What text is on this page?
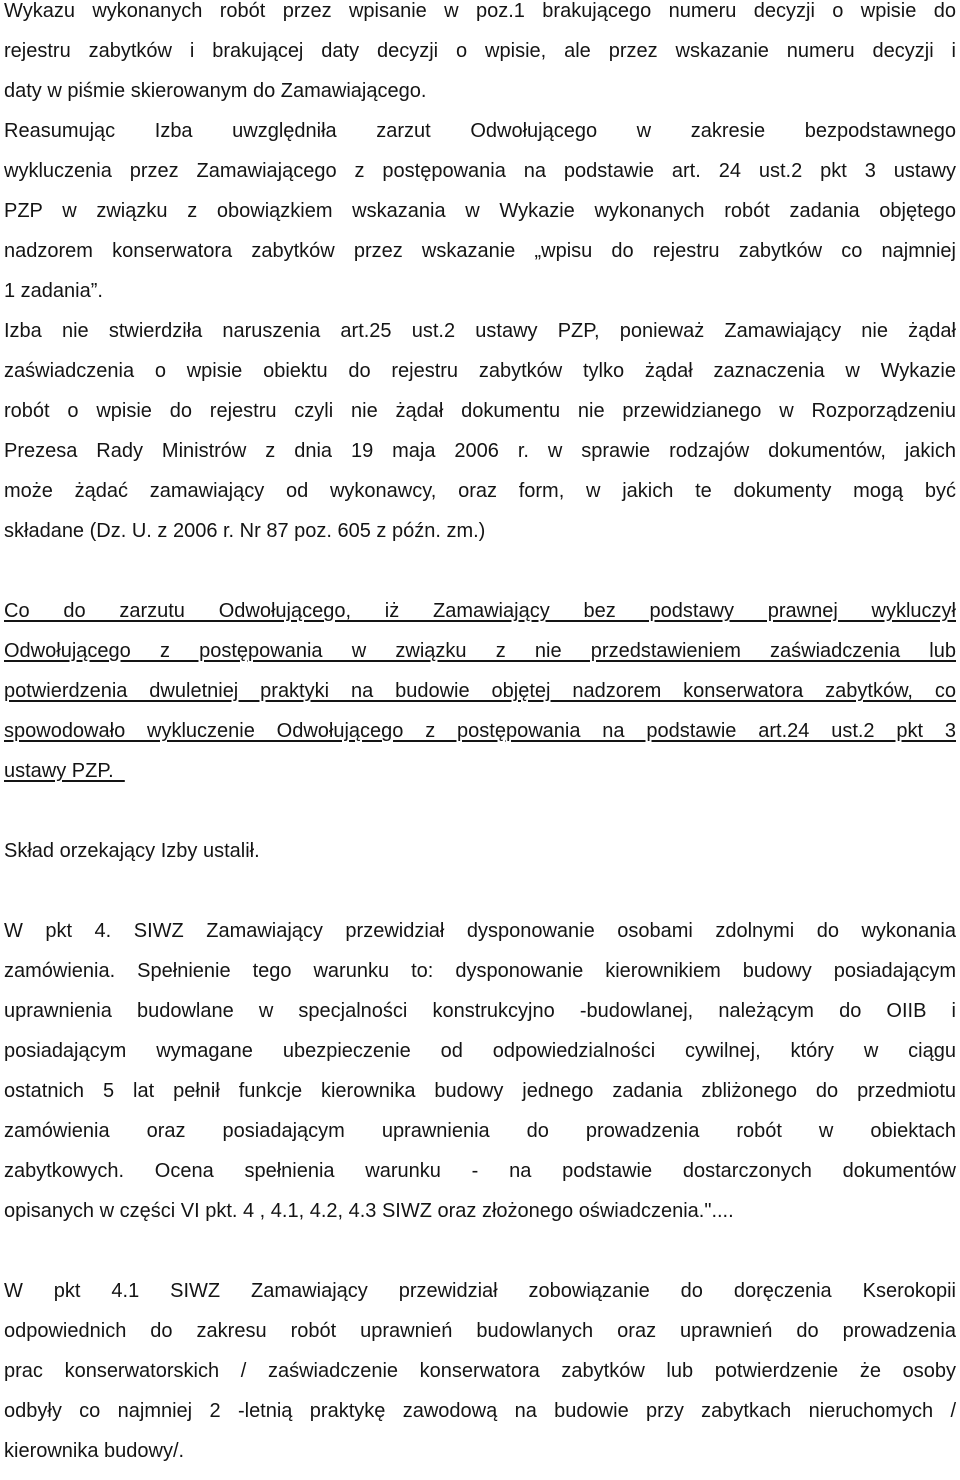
Wykazu wykonanych robót przez wpisanie w poz.1 brakującego numeru decyzji o wpisie do
rejestru zabytków i brakującej daty decyzji o wpisie, ale przez wskazanie numeru decyzji i
daty w piśmie skierowanym do Zamawiającego.
Reasumując Izba uwzględniła zarzut Odwołującego w zakresie bezpodstawnego
wykluczenia przez Zamawiającego z postępowania na podstawie art. 24 ust.2 pkt 3 ustawy
PZP w związku z obowiązkiem wskazania w Wykazie wykonanych robót zadania objętego
nadzorem konserwatora zabytków przez wskazanie „wpisu do rejestru zabytków co najmniej
1 zadania”.
Izba nie stwierdziła naruszenia art.25 ust.2 ustawy PZP, ponieważ Zamawiający nie żądał
zaświadczenia o wpisie obiektu do rejestru zabytków tylko żądał zaznaczenia w Wykazie
robót o wpisie do rejestru czyli nie żądał dokumentu nie przewidzianego w Rozporządzeniu
Prezesa Rady Ministrów z dnia 19 maja 2006 r. w sprawie rodzajów dokumentów, jakich
może żądać zamawiający od wykonawcy, oraz form, w jakich te dokumenty mogą być
składane (Dz. U. z 2006 r. Nr 87 poz. 605 z późn. zm.)
Co do zarzutu Odwołującego, iż Zamawiający bez podstawy prawnej wykluczył
Odwołującego z postępowania w związku z nie przedstawieniem zaświadczenia lub
potwierdzenia dwuletniej praktyki na budowie objętej nadzorem konserwatora zabytków, co
spowodowało wykluczenie Odwołującego z postępowania na podstawie art.24 ust.2 pkt 3
ustawy PZP.
Skład orzekający Izby ustalił.
W pkt 4. SIWZ Zamawiający przewidział dysponowanie osobami zdolnymi do wykonania
zamówienia. Spełnienie tego warunku to: dysponowanie kierownikiem budowy posiadającym
uprawnienia budowlane w specjalności konstrukcyjno -budowlanej, należącym do OIIB i
posiadającym wymagane ubezpieczenie od odpowiedzialności cywilnej, który w ciągu
ostatnich 5 lat pełnił funkcje kierownika budowy jednego zadania zbliżonego do przedmiotu
zamówienia oraz posiadającym uprawnienia do prowadzenia robót w obiektach
zabytkowych. Ocena spełnienia warunku - na podstawie dostarczonych dokumentów
opisanych w części VI pkt. 4 , 4.1, 4.2, 4.3 SIWZ oraz złożonego oświadczenia."....
W pkt 4.1 SIWZ Zamawiający przewidział zobowiązanie do doręczenia Kserokopii
odpowiednich do zakresu robót uprawnień budowlanych oraz uprawnień do prowadzenia
prac konserwatorskich / zaświadczenie konserwatora zabytków lub potwierdzenie że osoby
odbyły co najmniej 2 -letnią praktykę zawodową na budowie przy zabytkach nieruchomych /
kierownika budowy/.
